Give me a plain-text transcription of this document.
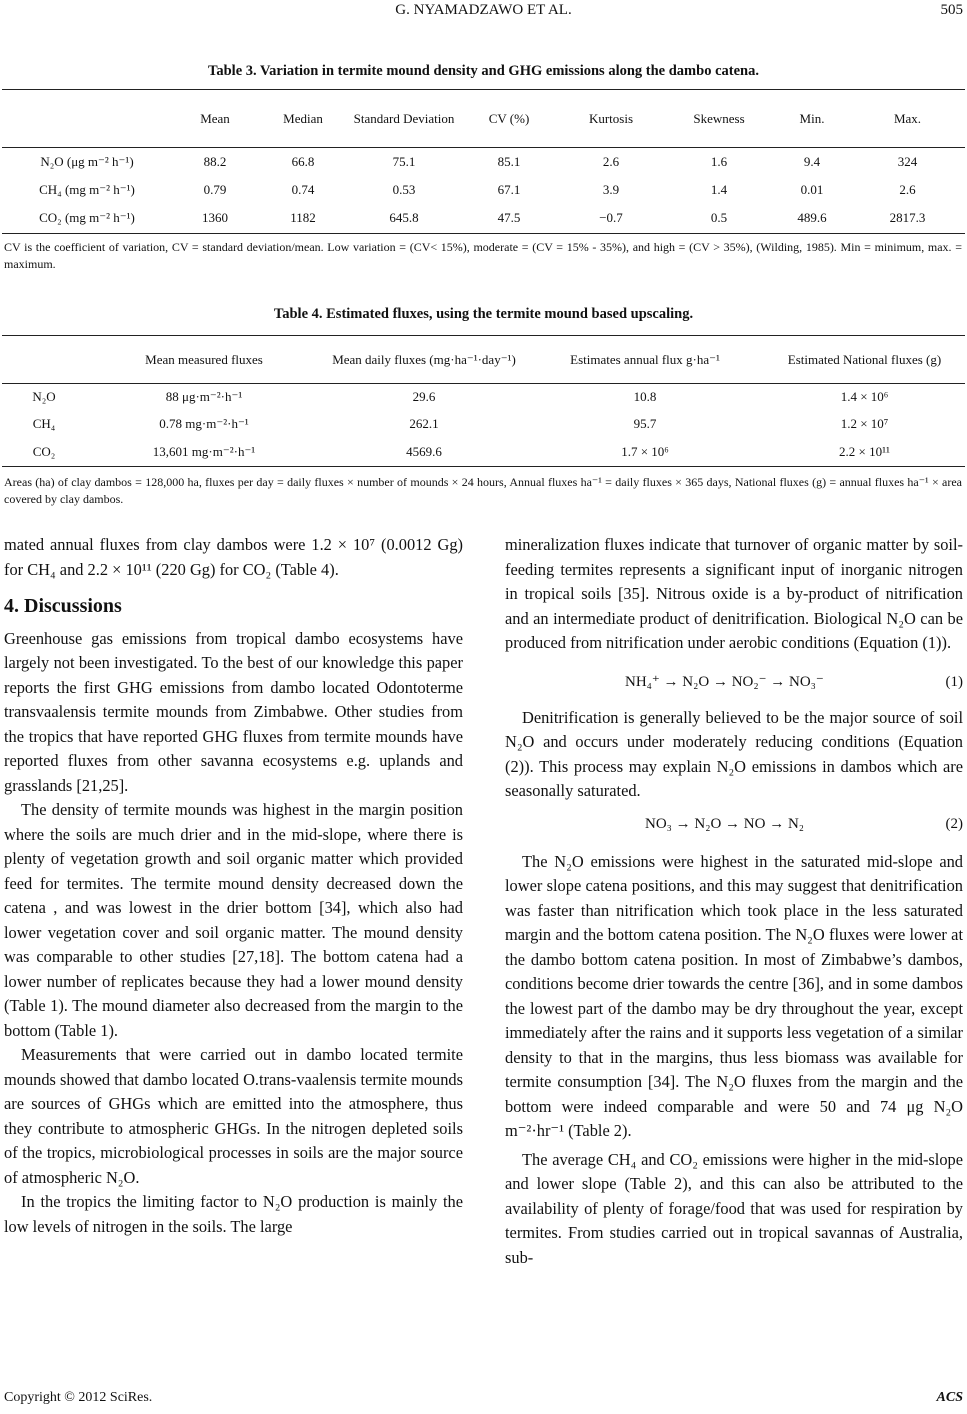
G. NYAMADZAWO ET AL.	505
Table 3. Variation in termite mound density and GHG emissions along the dambo catena.
	Mean	Median	Standard Deviation	CV (%)	Kurtosis	Skewness	Min.	Max.
N₂O (μg m⁻² h⁻¹)	88.2	66.8	75.1	85.1	2.6	1.6	9.4	324
CH₄ (mg m⁻² h⁻¹)	0.79	0.74	0.53	67.1	3.9	1.4	0.01	2.6
CO₂ (mg m⁻² h⁻¹)	1360	1182	645.8	47.5	−0.7	0.5	489.6	2817.3
CV is the coefficient of variation, CV = standard deviation/mean. Low variation = (CV< 15%), moderate = (CV = 15% - 35%), and high = (CV > 35%), (Wilding, 1985). Min = minimum, max. = maximum.
Table 4. Estimated fluxes, using the termite mound based upscaling.
	Mean measured fluxes	Mean daily fluxes (mg·ha⁻¹·day⁻¹)	Estimates annual flux g·ha⁻¹	Estimated National fluxes (g)
N₂O	88 μg·m⁻²·h⁻¹	29.6	10.8	1.4 × 10⁶
CH₄	0.78 mg·m⁻²·h⁻¹	262.1	95.7	1.2 × 10⁷
CO₂	13,601 mg·m⁻²·h⁻¹	4569.6	1.7 × 10⁶	2.2 × 10¹¹
Areas (ha) of clay dambos = 128,000 ha, fluxes per day = daily fluxes × number of mounds × 24 hours, Annual fluxes ha⁻¹ = daily fluxes × 365 days, National fluxes (g) = annual fluxes ha⁻¹ × area covered by clay dambos.

mated annual fluxes from clay dambos were 1.2 × 10⁷ (0.0012 Gg) for CH₄ and 2.2 × 10¹¹ (220 Gg) for CO₂ (Table 4).

4. Discussions

Greenhouse gas emissions from tropical dambo ecosystems have largely not been investigated. To the best of our knowledge this paper reports the first GHG emissions from dambo located Odontoterme transvaalensis termite mounds from Zimbabwe. Other studies from the tropics that have reported GHG fluxes from termite mounds have reported fluxes from other savanna ecosystems e.g. uplands and grasslands [21,25].

The density of termite mounds was highest in the margin position where the soils are much drier and in the mid-slope, where there is plenty of vegetation growth and soil organic matter which provided feed for termites. The termite mound density decreased down the catena , and was lowest in the drier bottom [34], which also had lower vegetation cover and soil organic matter. The mound density was comparable to other studies [27,18]. The bottom catena had a lower number of replicates because they had a lower mound density (Table 1). The mound diameter also decreased from the margin to the bottom (Table 1).

Measurements that were carried out in dambo located termite mounds showed that dambo located O.trans-vaalensis termite mounds are sources of GHGs which are emitted into the atmosphere, thus they contribute to atmospheric GHGs. In the nitrogen depleted soils of the tropics, microbiological processes in soils are the major source of atmospheric N₂O.

In the tropics the limiting factor to N₂O production is mainly the low levels of nitrogen in the soils. The large

mineralization fluxes indicate that turnover of organic matter by soil-feeding termites represents a significant input of inorganic nitrogen in tropical soils [35]. Nitrous oxide is a by-product of nitrification and an intermediate product of denitrification. Biological N₂O can be produced from nitrification under aerobic conditions (Equation (1)).

NH₄⁺ → N₂O → NO₂⁻ → NO₃⁻	(1)

Denitrification is generally believed to be the major source of soil N₂O and occurs under moderately reducing conditions (Equation (2)). This process may explain N₂O emissions in dambos which are seasonally saturated.

NO₃ → N₂O → NO → N₂	(2)

The N₂O emissions were highest in the saturated mid-slope and lower slope catena positions, and this may suggest that denitrification was faster than nitrification which took place in the less saturated margin and the bottom catena position. The N₂O fluxes were lower at the dambo bottom catena position. In most of Zimbabwe’s dambos, conditions become drier towards the centre [36], and in some dambos the lowest part of the dambo may be dry throughout the year, except immediately after the rains and it supports less vegetation of a similar density to that in the margins, thus less biomass was available for termite consumption [34]. The N₂O fluxes from the margin and the bottom were indeed comparable and were 50 and 74 μg N₂O m⁻²·hr⁻¹ (Table 2).

The average CH₄ and CO₂ emissions were higher in the mid-slope and lower slope (Table 2), and this can also be attributed to the availability of plenty of forage/food that was used for respiration by termites. From studies carried out in tropical savannas of Australia, sub-

Copyright © 2012 SciRes.	ACS
